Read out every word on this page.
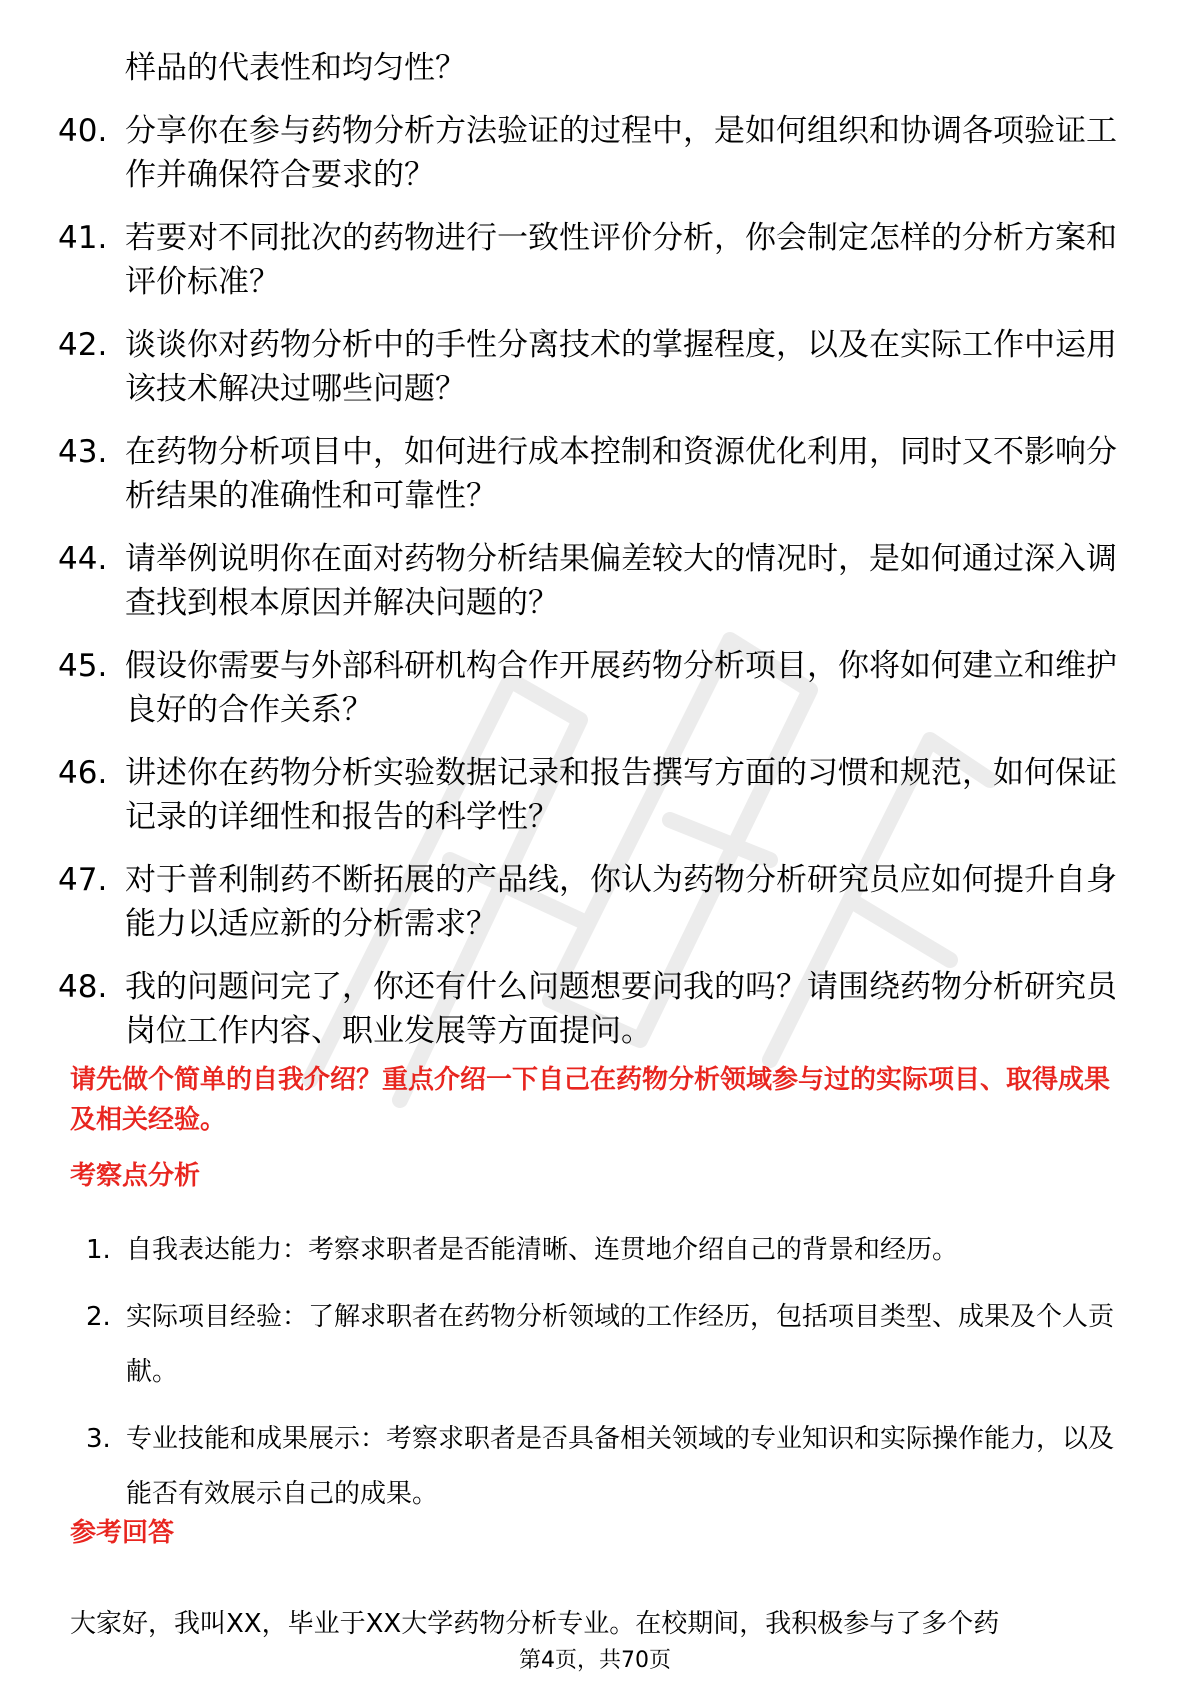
样品的代表性和均匀性？
40. 分享你在参与药物分析方法验证的过程中，是如何组织和协调各项验证工作并确保符合要求的？
41. 若要对不同批次的药物进行一致性评价分析，你会制定怎样的分析方案和评价标准？
42. 谈谈你对药物分析中的手性分离技术的掌握程度，以及在实际工作中运用该技术解决过哪些问题？
43. 在药物分析项目中，如何进行成本控制和资源优化利用，同时又不影响分析结果的准确性和可靠性？
44. 请举例说明你在面对药物分析结果偏差较大的情况时，是如何通过深入调查找到根本原因并解决问题的？
45. 假设你需要与外部科研机构合作开展药物分析项目，你将如何建立和维护良好的合作关系？
46. 讲述你在药物分析实验数据记录和报告撰写方面的习惯和规范，如何保证记录的详细性和报告的科学性？
47. 对于普利制药不断拓展的产品线，你认为药物分析研究员应如何提升自身能力以适应新的分析需求？
48. 我的问题问完了，你还有什么问题想要问我的吗？请围绕药物分析研究员岗位工作内容、职业发展等方面提问。
请先做个简单的自我介绍？重点介绍一下自己在药物分析领域参与过的实际项目、取得成果及相关经验。
考察点分析
1. 自我表达能力：考察求职者是否能清晰、连贯地介绍自己的背景和经历。
2. 实际项目经验：了解求职者在药物分析领域的工作经历，包括项目类型、成果及个人贡献。
3. 专业技能和成果展示：考察求职者是否具备相关领域的专业知识和实际操作能力，以及能否有效展示自己的成果。
参考回答
大家好，我叫XX，毕业于XX大学药物分析专业。在校期间，我积极参与了多个药
第4页，共70页
